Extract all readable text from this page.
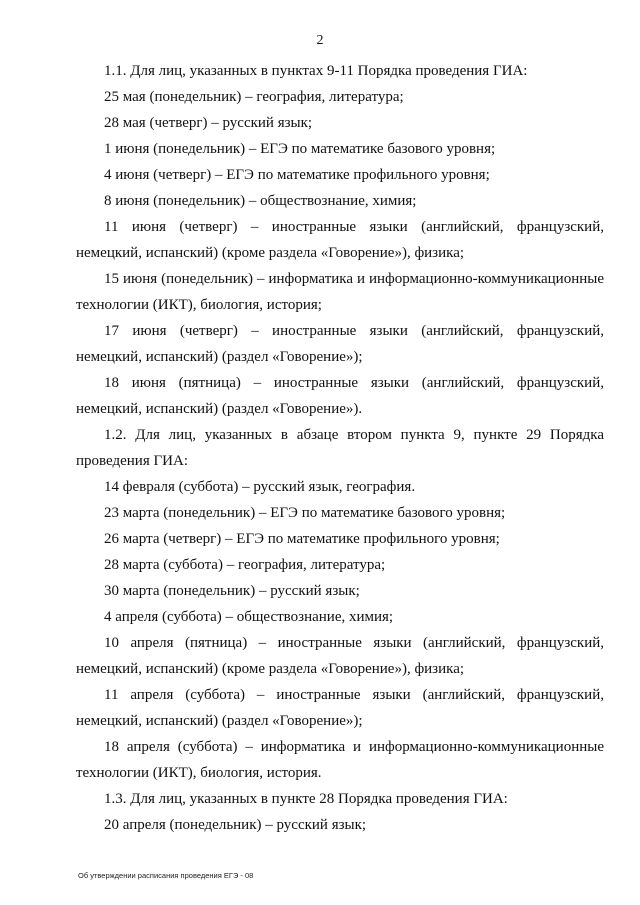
2

1.1. Для лиц, указанных в пунктах 9-11 Порядка проведения ГИА:

25 мая (понедельник) – география, литература;

28 мая (четверг) – русский язык;

1 июня (понедельник) – ЕГЭ по математике базового уровня;

4 июня (четверг) – ЕГЭ по математике профильного уровня;

8 июня (понедельник) – обществознание, химия;

11 июня (четверг) – иностранные языки (английский, французский, немецкий, испанский) (кроме раздела «Говорение»), физика;

15 июня (понедельник) – информатика и информационно-коммуникационные технологии (ИКТ), биология, история;

17 июня (четверг) – иностранные языки (английский, французский, немецкий, испанский) (раздел «Говорение»);

18 июня (пятница) – иностранные языки (английский, французский, немецкий, испанский) (раздел «Говорение»).

1.2. Для лиц, указанных в абзаце втором пункта 9, пункте 29 Порядка проведения ГИА:

14 февраля (суббота) – русский язык, география.

23 марта (понедельник) – ЕГЭ по математике базового уровня;

26 марта (четверг) – ЕГЭ по математике профильного уровня;

28 марта (суббота) – география, литература;

30 марта (понедельник) – русский язык;

4 апреля (суббота) – обществознание, химия;

10 апреля (пятница) – иностранные языки (английский, французский, немецкий, испанский) (кроме раздела «Говорение»), физика;

11 апреля (суббота) – иностранные языки (английский, французский, немецкий, испанский) (раздел «Говорение»);

18 апреля (суббота) – информатика и информационно-коммуникационные технологии (ИКТ), биология, история.

1.3. Для лиц, указанных в пункте 28 Порядка проведения ГИА:

20 апреля (понедельник) – русский язык;

Об утверждении расписания проведения ЕГЭ - 08
